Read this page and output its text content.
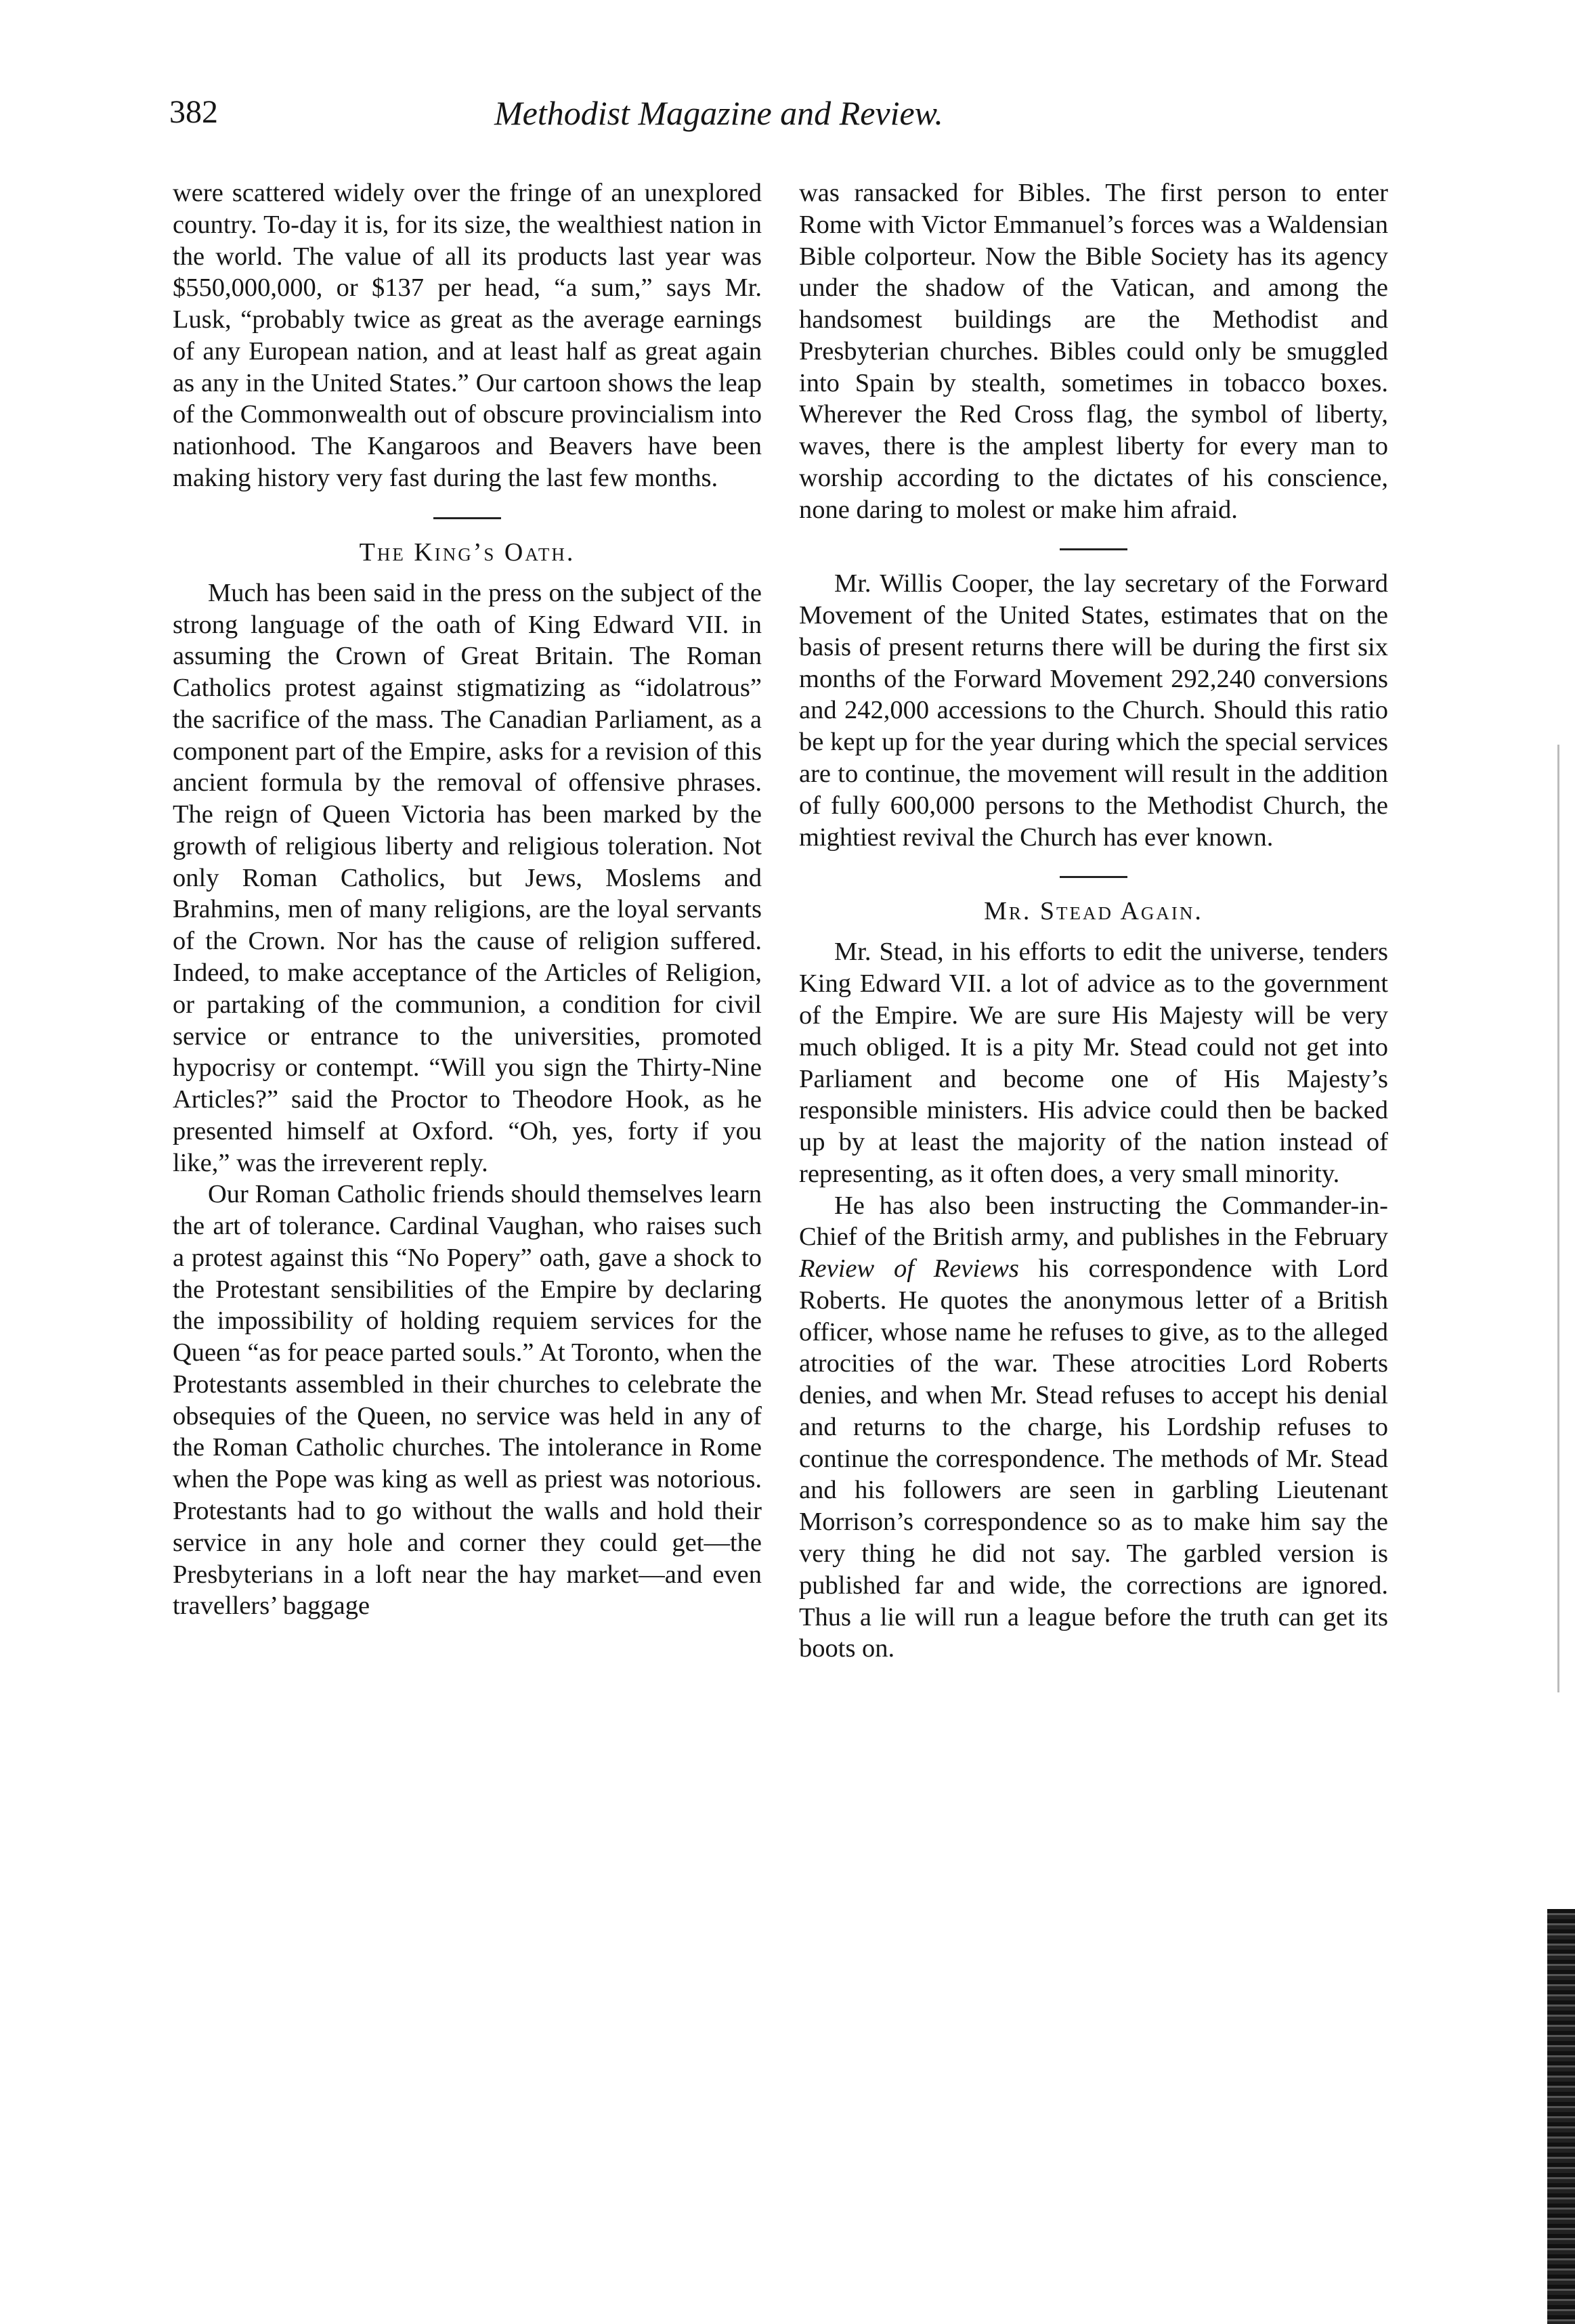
382	Methodist Magazine and Review.

were scattered widely over the fringe of an unexplored country. To-day it is, for its size, the wealthiest nation in the world. The value of all its products last year was $550,000,000, or $137 per head, “a sum,” says Mr. Lusk, “probably twice as great as the average earnings of any European nation, and at least half as great again as any in the United States.” Our cartoon shows the leap of the Commonwealth out of obscure provincialism into nationhood. The Kangaroos and Beavers have been making history very fast during the last few months.

The King’s Oath.

Much has been said in the press on the subject of the strong language of the oath of King Edward VII. in assuming the Crown of Great Britain. The Roman Catholics protest against stigmatizing as “idolatrous” the sacrifice of the mass. The Canadian Parliament, as a component part of the Empire, asks for a revision of this ancient formula by the removal of offensive phrases. The reign of Queen Victoria has been marked by the growth of religious liberty and religious toleration. Not only Roman Catholics, but Jews, Moslems and Brahmins, men of many religions, are the loyal servants of the Crown. Nor has the cause of religion suffered. Indeed, to make acceptance of the Articles of Religion, or partaking of the communion, a condition for civil service or entrance to the universities, promoted hypocrisy or contempt. “Will you sign the Thirty-Nine Articles?” said the Proctor to Theodore Hook, as he presented himself at Oxford. “Oh, yes, forty if you like,” was the irreverent reply.

Our Roman Catholic friends should themselves learn the art of tolerance. Cardinal Vaughan, who raises such a protest against this “No Popery” oath, gave a shock to the Protestant sensibilities of the Empire by declaring the impossibility of holding requiem services for the Queen “as for peace parted souls.” At Toronto, when the Protestants assembled in their churches to celebrate the obsequies of the Queen, no service was held in any of the Roman Catholic churches. The intolerance in Rome when the Pope was king as well as priest was notorious. Protestants had to go without the walls and hold their service in any hole and corner they could get—the Presbyterians in a loft near the hay market—and even travellers’ baggage

was ransacked for Bibles. The first person to enter Rome with Victor Emmanuel’s forces was a Waldensian Bible colporteur. Now the Bible Society has its agency under the shadow of the Vatican, and among the handsomest buildings are the Methodist and Presbyterian churches. Bibles could only be smuggled into Spain by stealth, sometimes in tobacco boxes. Wherever the Red Cross flag, the symbol of liberty, waves, there is the amplest liberty for every man to worship according to the dictates of his conscience, none daring to molest or make him afraid.

Mr. Willis Cooper, the lay secretary of the Forward Movement of the United States, estimates that on the basis of present returns there will be during the first six months of the Forward Movement 292,240 conversions and 242,000 accessions to the Church. Should this ratio be kept up for the year during which the special services are to continue, the movement will result in the addition of fully 600,000 persons to the Methodist Church, the mightiest revival the Church has ever known.

Mr. Stead Again.

Mr. Stead, in his efforts to edit the universe, tenders King Edward VII. a lot of advice as to the government of the Empire. We are sure His Majesty will be very much obliged. It is a pity Mr. Stead could not get into Parliament and become one of His Majesty’s responsible ministers. His advice could then be backed up by at least the majority of the nation instead of representing, as it often does, a very small minority.

He has also been instructing the Commander-in-Chief of the British army, and publishes in the February Review of Reviews his correspondence with Lord Roberts. He quotes the anonymous letter of a British officer, whose name he refuses to give, as to the alleged atrocities of the war. These atrocities Lord Roberts denies, and when Mr. Stead refuses to accept his denial and returns to the charge, his Lordship refuses to continue the correspondence. The methods of Mr. Stead and his followers are seen in garbling Lieutenant Morrison’s correspondence so as to make him say the very thing he did not say. The garbled version is published far and wide, the corrections are ignored. Thus a lie will run a league before the truth can get its boots on.
